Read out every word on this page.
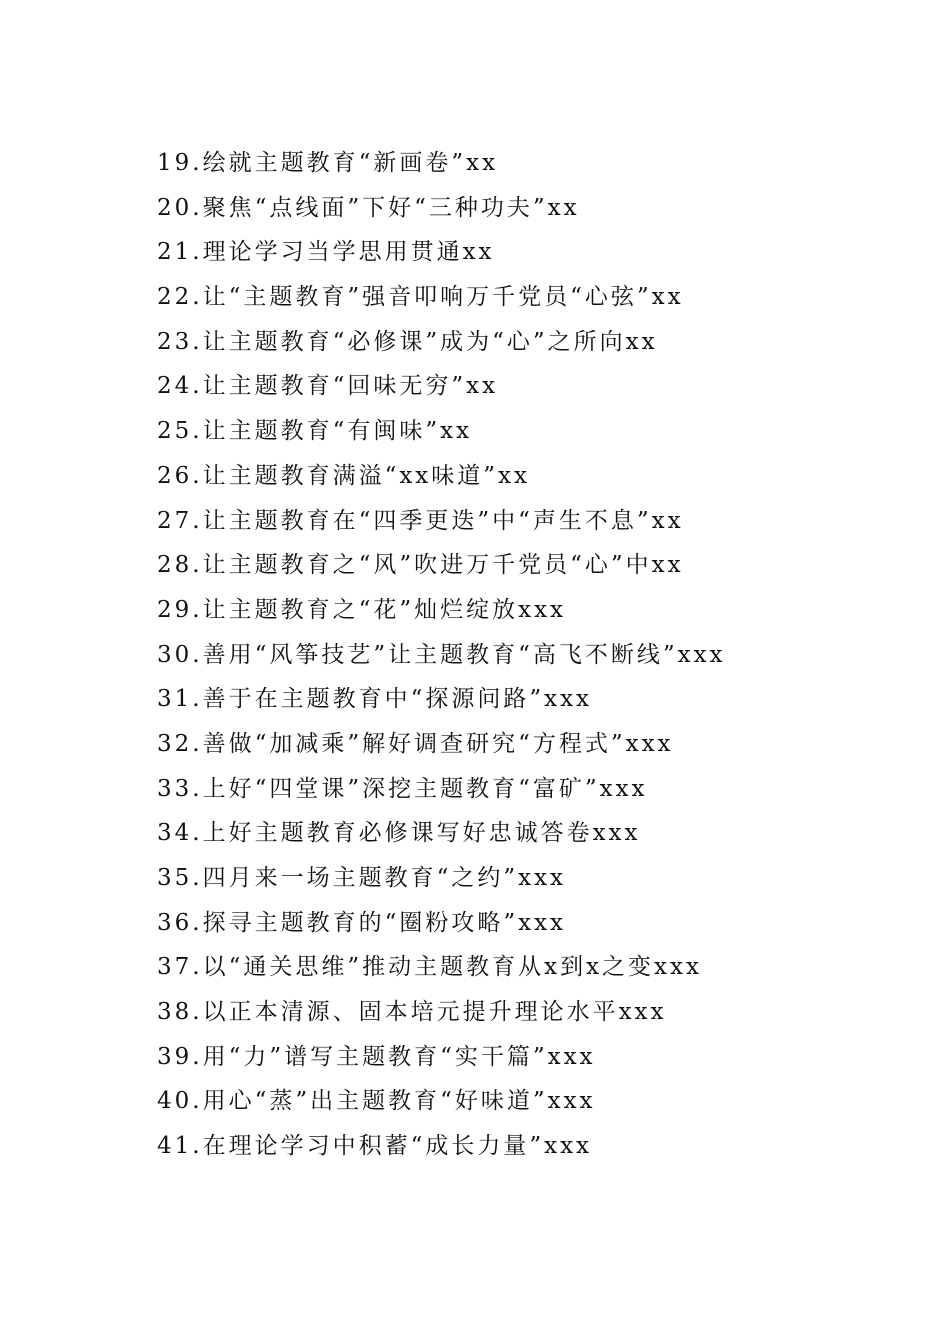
19.绘就主题教育“新画卷”xx
20.聚焦“点线面”下好“三种功夫”xx
21.理论学习当学思用贯通xx
22.让“主题教育”强音叩响万千党员“心弦”xx
23.让主题教育“必修课”成为“心”之所向xx
24.让主题教育“回味无穷”xx
25.让主题教育“有闽味”xx
26.让主题教育满溢“xx味道”xx
27.让主题教育在“四季更迭”中“声生不息”xx
28.让主题教育之“风”吹进万千党员“心”中xx
29.让主题教育之“花”灿烂绽放xxx
30.善用“风筝技艺”让主题教育“高飞不断线”xxx
31.善于在主题教育中“探源问路”xxx
32.善做“加减乘”解好调查研究“方程式”xxx
33.上好“四堂课”深挖主题教育“富矿”xxx
34.上好主题教育必修课写好忠诚答卷xxx
35.四月来一场主题教育“之约”xxx
36.探寻主题教育的“圈粉攻略”xxx
37.以“通关思维”推动主题教育从x到x之变xxx
38.以正本清源、固本培元提升理论水平xxx
39.用“力”谱写主题教育“实干篇”xxx
40.用心“蒸”出主题教育“好味道”xxx
41.在理论学习中积蓄“成长力量”xxx
